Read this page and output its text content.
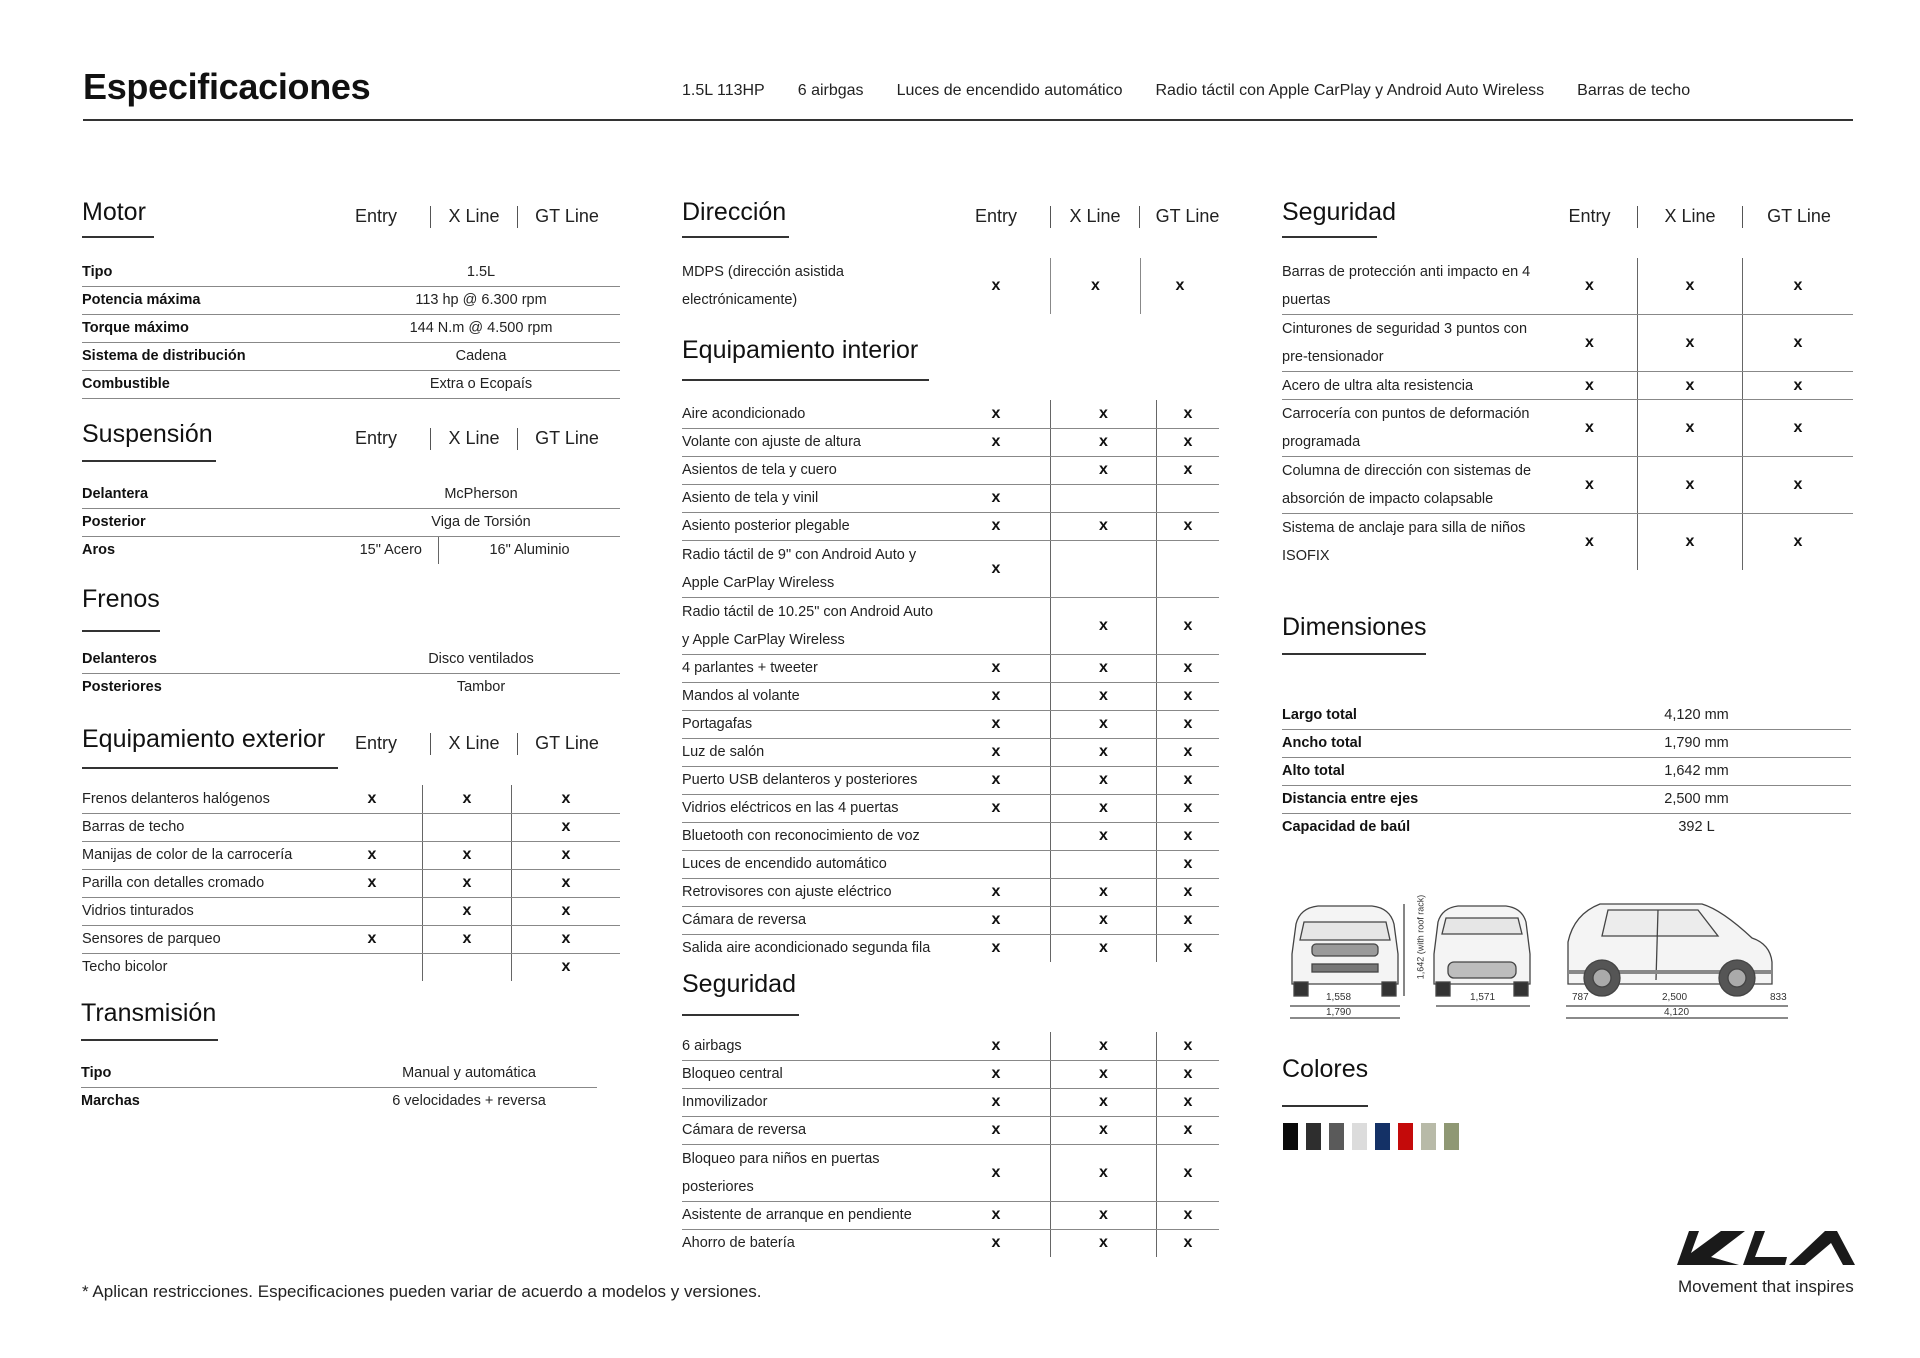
Especificaciones	1.5L 113HP 6 airbgas Luces de encendido automático Radio táctil con Apple CarPlay y Android Auto Wireless Barras de techo
Motor	Entry	X Line	GT Line
Tipo	1.5L
Potencia máxima	113 hp @ 6.300 rpm
Torque máximo	144 N.m @ 4.500 rpm
Sistema de distribución	Cadena
Combustible	Extra o Ecopaís
Suspensión	Entry	X Line	GT Line
Delantera	McPherson	
Posterior	Viga de Torsión	
Aros	15" Acero	16" Aluminio
Frenos
Delanteros	Disco ventilados
Posteriores	Tambor
Equipamiento exterior	Entry	X Line	GT Line
Frenos delanteros halógenos	x	x	x
Barras de techo			x
Manijas de color de la carrocería	x	x	x
Parilla con detalles cromado	x	x	x
Vidrios tinturados		x	x
Sensores de parqueo	x	x	x
Techo bicolor			x
Transmisión
Tipo	Manual y automática
Marchas	6 velocidades + reversa
Dirección	Entry	X Line	GT Line
MDPS (dirección asistida electrónicamente)	x	x	x
Equipamiento interior
Aire acondicionado	x	x	x
Volante con ajuste de altura	x	x	x
Asientos de tela y cuero		x	x
Asiento de tela y vinil	x		
Asiento posterior plegable	x	x	x
Radio táctil de 9" con Android Auto y Apple CarPlay Wireless	x		
Radio táctil de 10.25" con Android Auto y Apple CarPlay Wireless		x	x
4 parlantes + tweeter	x	x	x
Mandos al volante	x	x	x
Portagafas	x	x	x
Luz de salón	x	x	x
Puerto USB delanteros y posteriores	x	x	x
Vidrios eléctricos en las 4 puertas	x	x	x
Bluetooth con reconocimiento de voz		x	x
Luces de encendido automático			x
Retrovisores con ajuste eléctrico	x	x	x
Cámara de reversa	x	x	x
Salida aire acondicionado segunda fila	x	x	x
Seguridad
6 airbags	x	x	x
Bloqueo central	x	x	x
Inmovilizador	x	x	x
Cámara de reversa	x	x	x
Bloqueo para niños en puertas posteriores	x	x	x
Asistente de arranque en pendiente	x	x	x
Ahorro de batería	x	x	x
Seguridad	Entry	X Line	GT Line
Barras de protección anti impacto en 4 puertas	x	x	x
Cinturones de seguridad 3 puntos con pre-tensionador	x	x	x
Acero de ultra alta resistencia	x	x	x
Carrocería con puntos de deformación programada	x	x	x
Columna de dirección con sistemas de absorción de impacto colapsable	x	x	x
Sistema de anclaje para silla de niños ISOFIX	x	x	x
Dimensiones
Largo total	4,120 mm
Ancho total	1,790 mm
Alto total	1,642 mm
Distancia entre ejes	2,500 mm
Capacidad de baúl	392 L
1,558
1,790
1,642 (with roof rack)
1,571	787	2,500	833
4,120
Colores
* Aplican restricciones. Especificaciones pueden variar de acuerdo a modelos y versiones.	Movement that inspires
